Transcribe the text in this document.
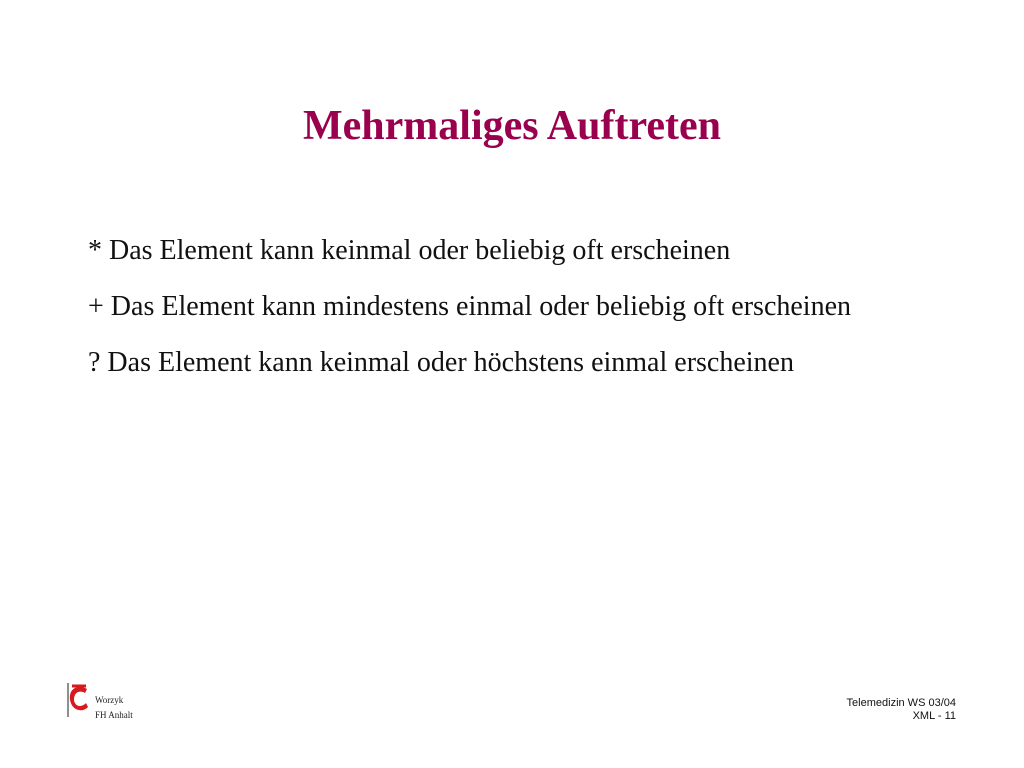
Mehrmaliges Auftreten

* Das Element kann keinmal oder beliebig oft erscheinen

+ Das Element kann mindestens einmal oder beliebig oft erscheinen

? Das Element kann keinmal oder höchstens einmal erscheinen

Worzyk
FH Anhalt
Telemedizin WS 03/04
XML - 11
